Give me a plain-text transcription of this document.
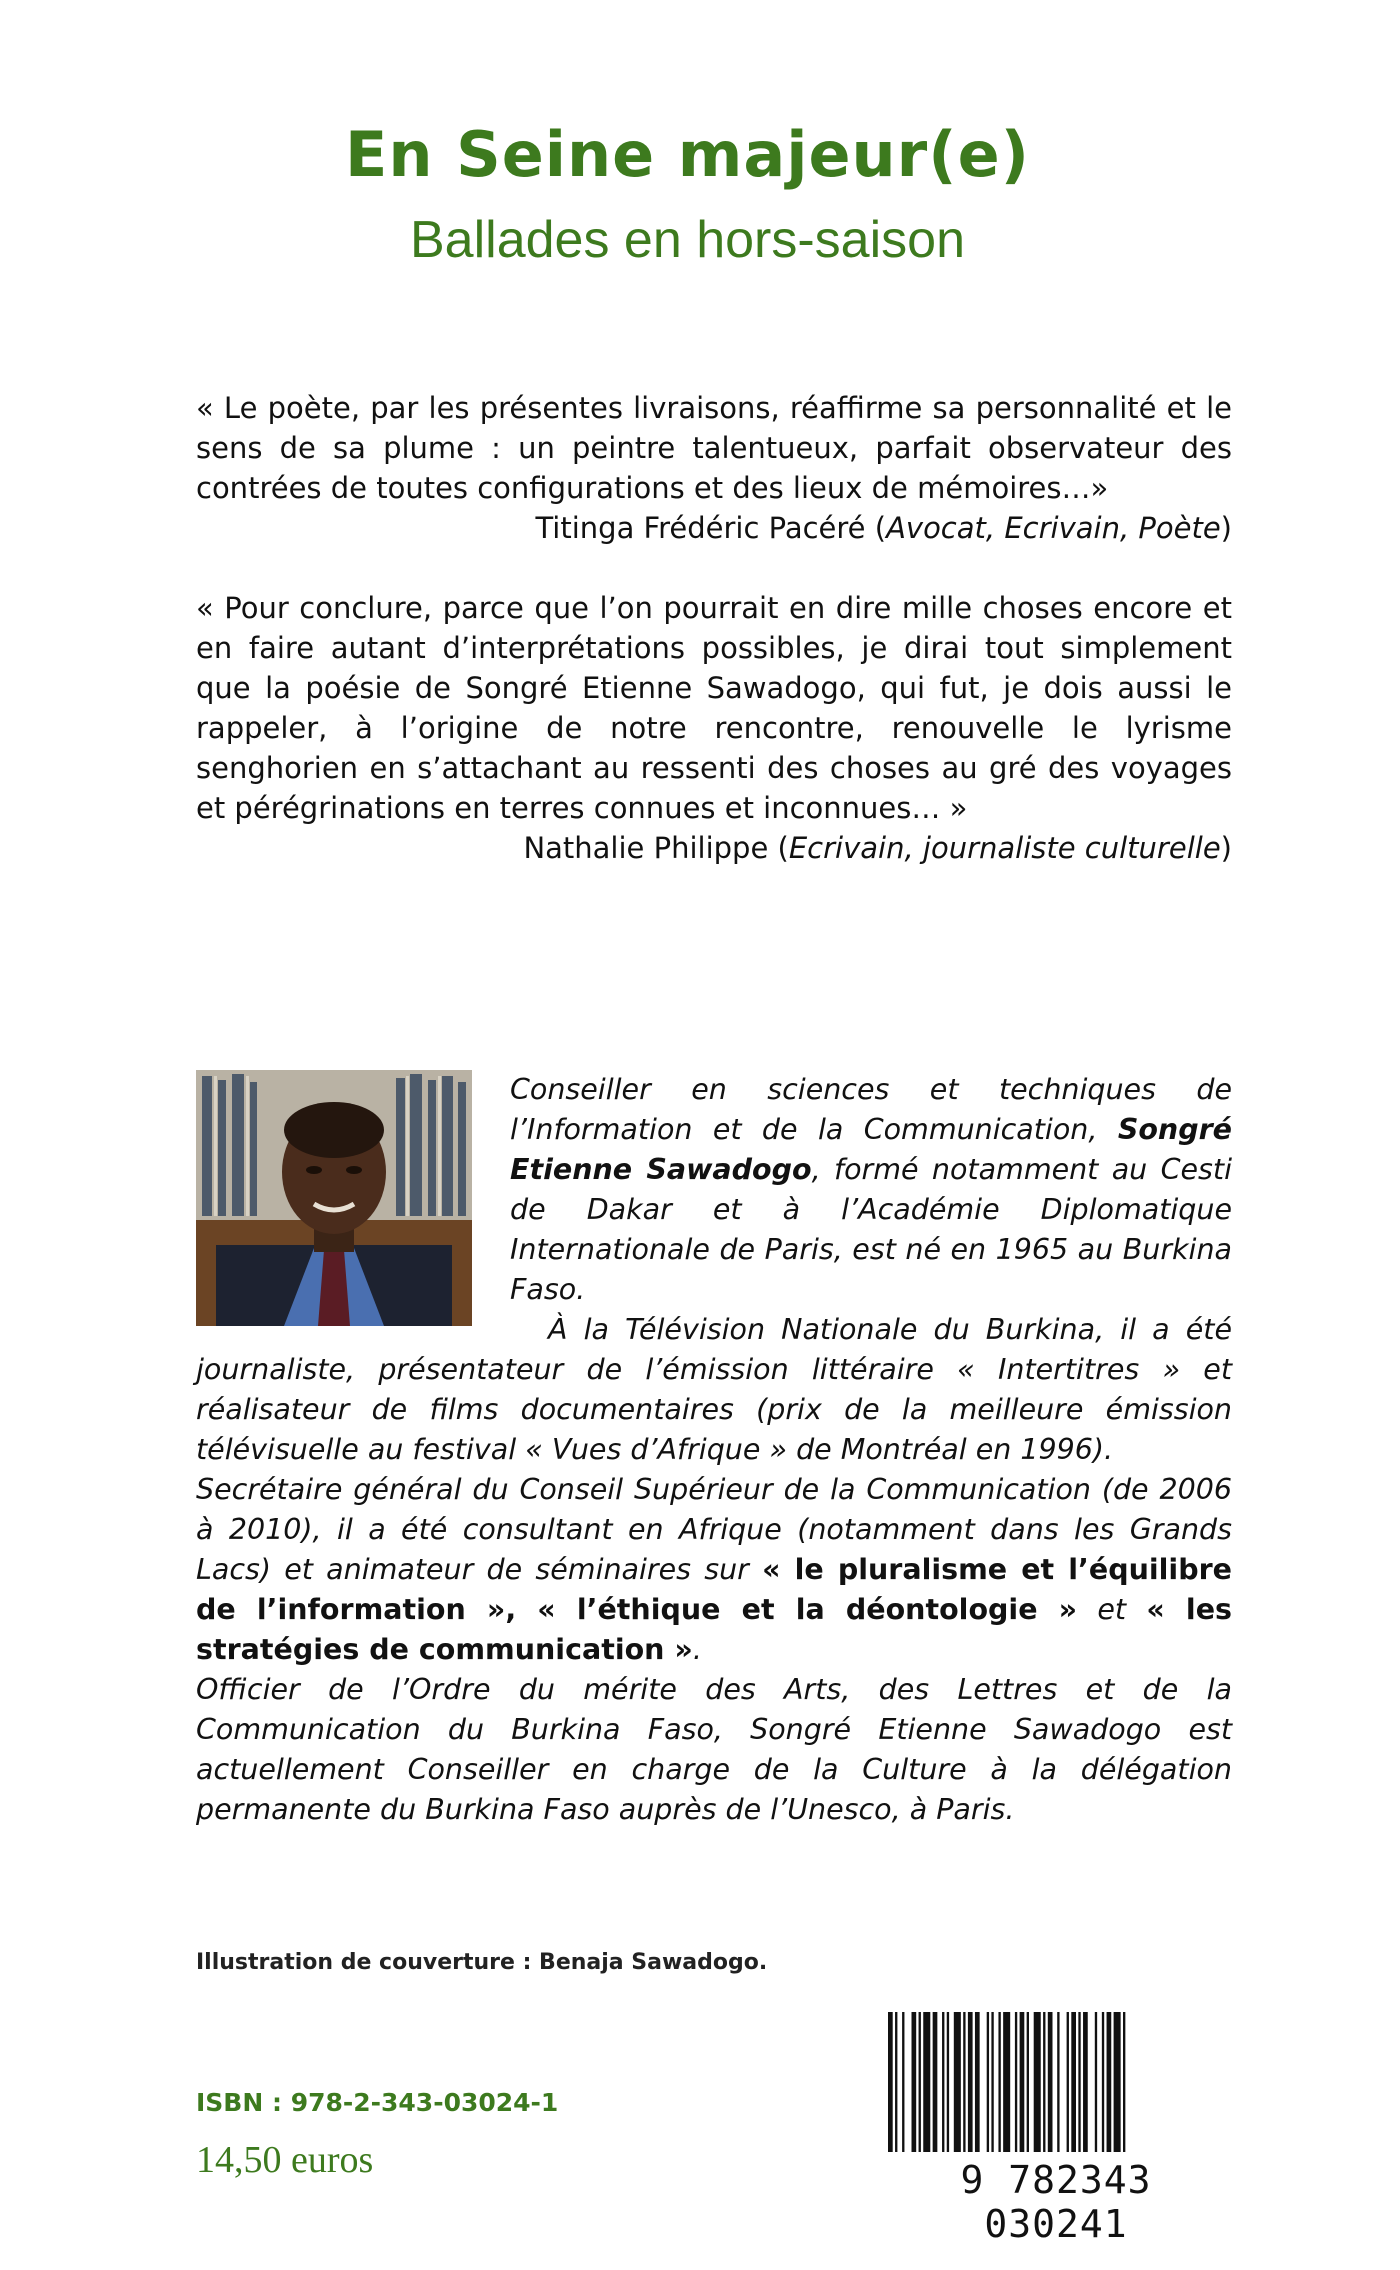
En Seine majeur(e)
Ballades en hors-saison

« Le poète, par les présentes livraisons, réaffirme sa personnalité et le sens de sa plume : un peintre talentueux, parfait observateur des contrées de toutes configurations et des lieux de mémoires…»

Titinga Frédéric Pacéré (Avocat, Ecrivain, Poète)

« Pour conclure, parce que l’on pourrait en dire mille choses encore et en faire autant d’interprétations possibles, je dirai tout simplement que la poésie de Songré Etienne Sawadogo, qui fut, je dois aussi le rappeler, à l’origine de notre rencontre, renouvelle le lyrisme senghorien en s’attachant au ressenti des choses au gré des voyages et pérégrinations en terres connues et inconnues… »

Nathalie Philippe (Ecrivain, journaliste culturelle)

Conseiller en sciences et techniques de l’Information et de la Communication, Songré Etienne Sawadogo, formé notamment au Cesti de Dakar et à l’Académie Diplomatique Internationale de Paris, est né en 1965 au Burkina Faso.

À la Télévision Nationale du Burkina, il a été journaliste, présentateur de l’émission littéraire « Intertitres » et réalisateur de films documentaires (prix de la meilleure émission télévisuelle au festival « Vues d’Afrique » de Montréal en 1996).

Secrétaire général du Conseil Supérieur de la Communication (de 2006 à 2010), il a été consultant en Afrique (notamment dans les Grands Lacs) et animateur de séminaires sur « le pluralisme et l’équilibre de l’information », « l’éthique et la déontologie » et « les stratégies de communication ».

Officier de l’Ordre du mérite des Arts, des Lettres et de la Communication du Burkina Faso, Songré Etienne Sawadogo est actuellement Conseiller en charge de la Culture à la délégation permanente du Burkina Faso auprès de l’Unesco, à Paris.

Illustration de couverture : Benaja Sawadogo.
ISBN : 978-2-343-03024-1
14,50 euros	9 782343 030241
